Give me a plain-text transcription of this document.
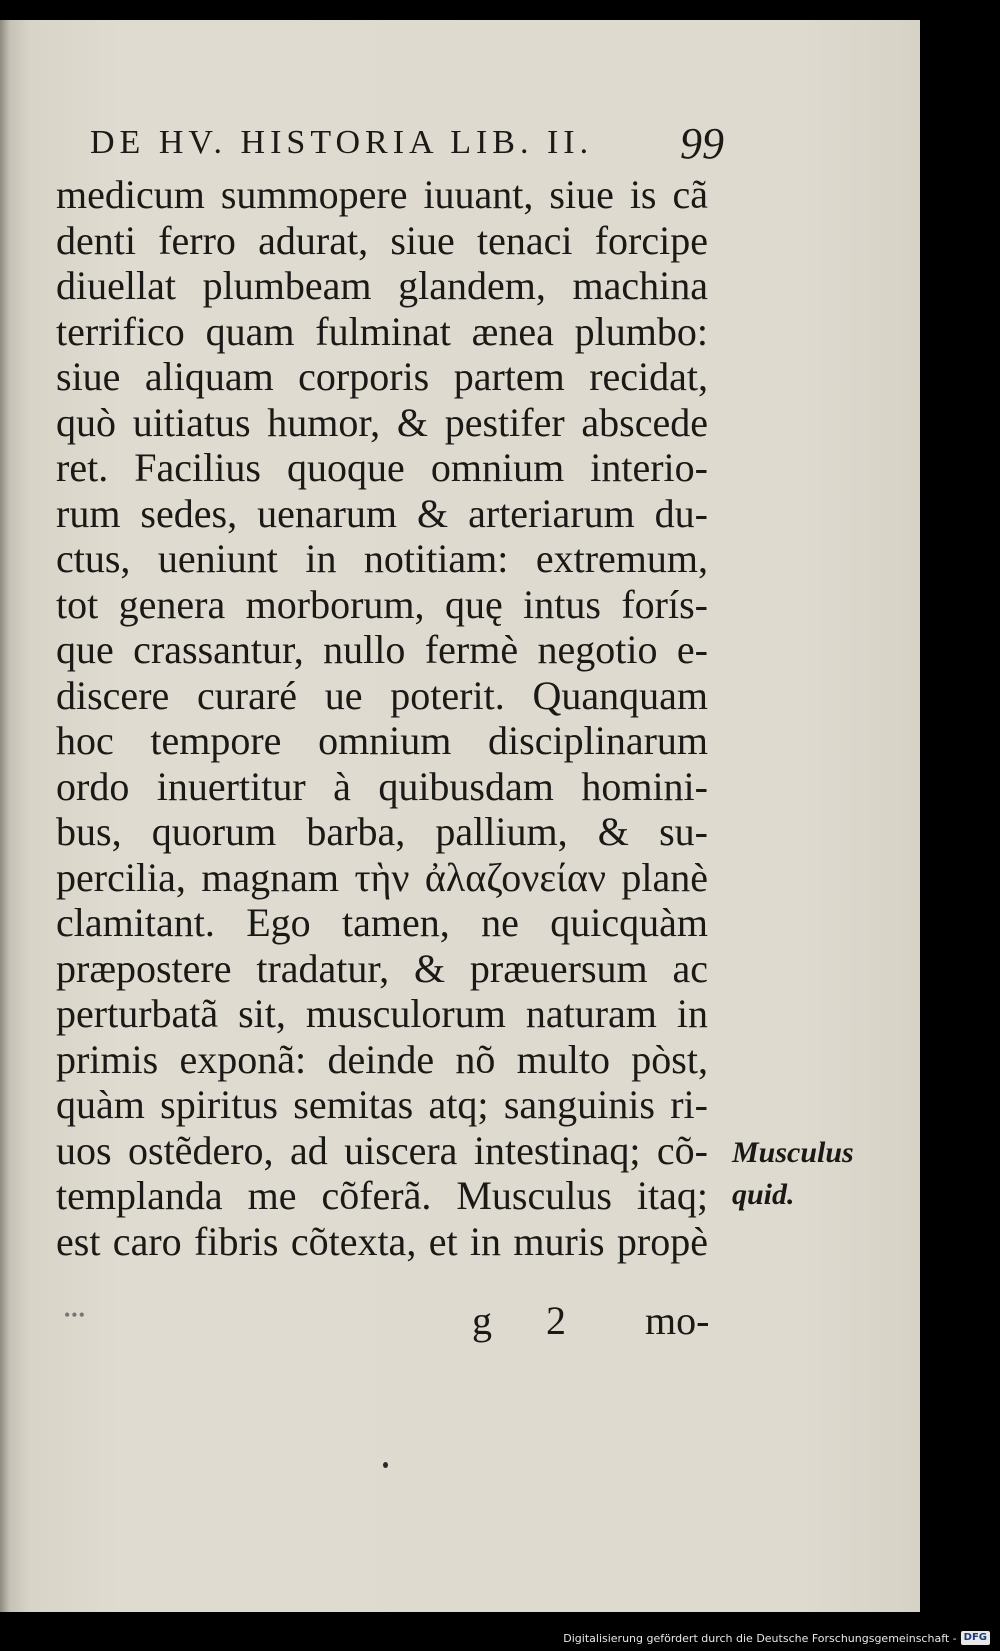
DE HV. HISTORIA LIB. II. 99
medicum summopere iuuant, siue is cã
denti ferro adurat, siue tenaci forcipe
diuellat plumbeam glandem, machina
terrifico quam fulminat ænea plumbo:
siue aliquam corporis partem recidat,
quò uitiatus humor, & pestifer abscede
ret. Facilius quoque omnium interio-
rum sedes, uenarum & arteriarum du-
ctus, ueniunt in notitiam: extremum,
tot genera morborum, quę intus forís-
que crassantur, nullo fermè negotio e-
discere curaré ue poterit. Quanquam
hoc tempore omnium disciplinarum
ordo inuertitur à quibusdam homini-
bus, quorum barba, pallium, & su-
percilia, magnam τὴν ἀλαζονείαν planè
clamitant. Ego tamen, ne quicquàm
præpostere tradatur, & præuersum ac
perturbatã sit, musculorum naturam in
primis exponã: deinde nõ multo pòst,
quàm spiritus semitas atq; sanguinis ri-
uos ostẽdero, ad uiscera intestinaq; cõ-
templanda me cõferã. Musculus itaq;
est caro fibris cõtexta, et in muris propè
Musculus
quid.
•••	g 2 mo-
Digitalisierung gefördert durch die Deutsche Forschungsgemeinschaft - DFG
